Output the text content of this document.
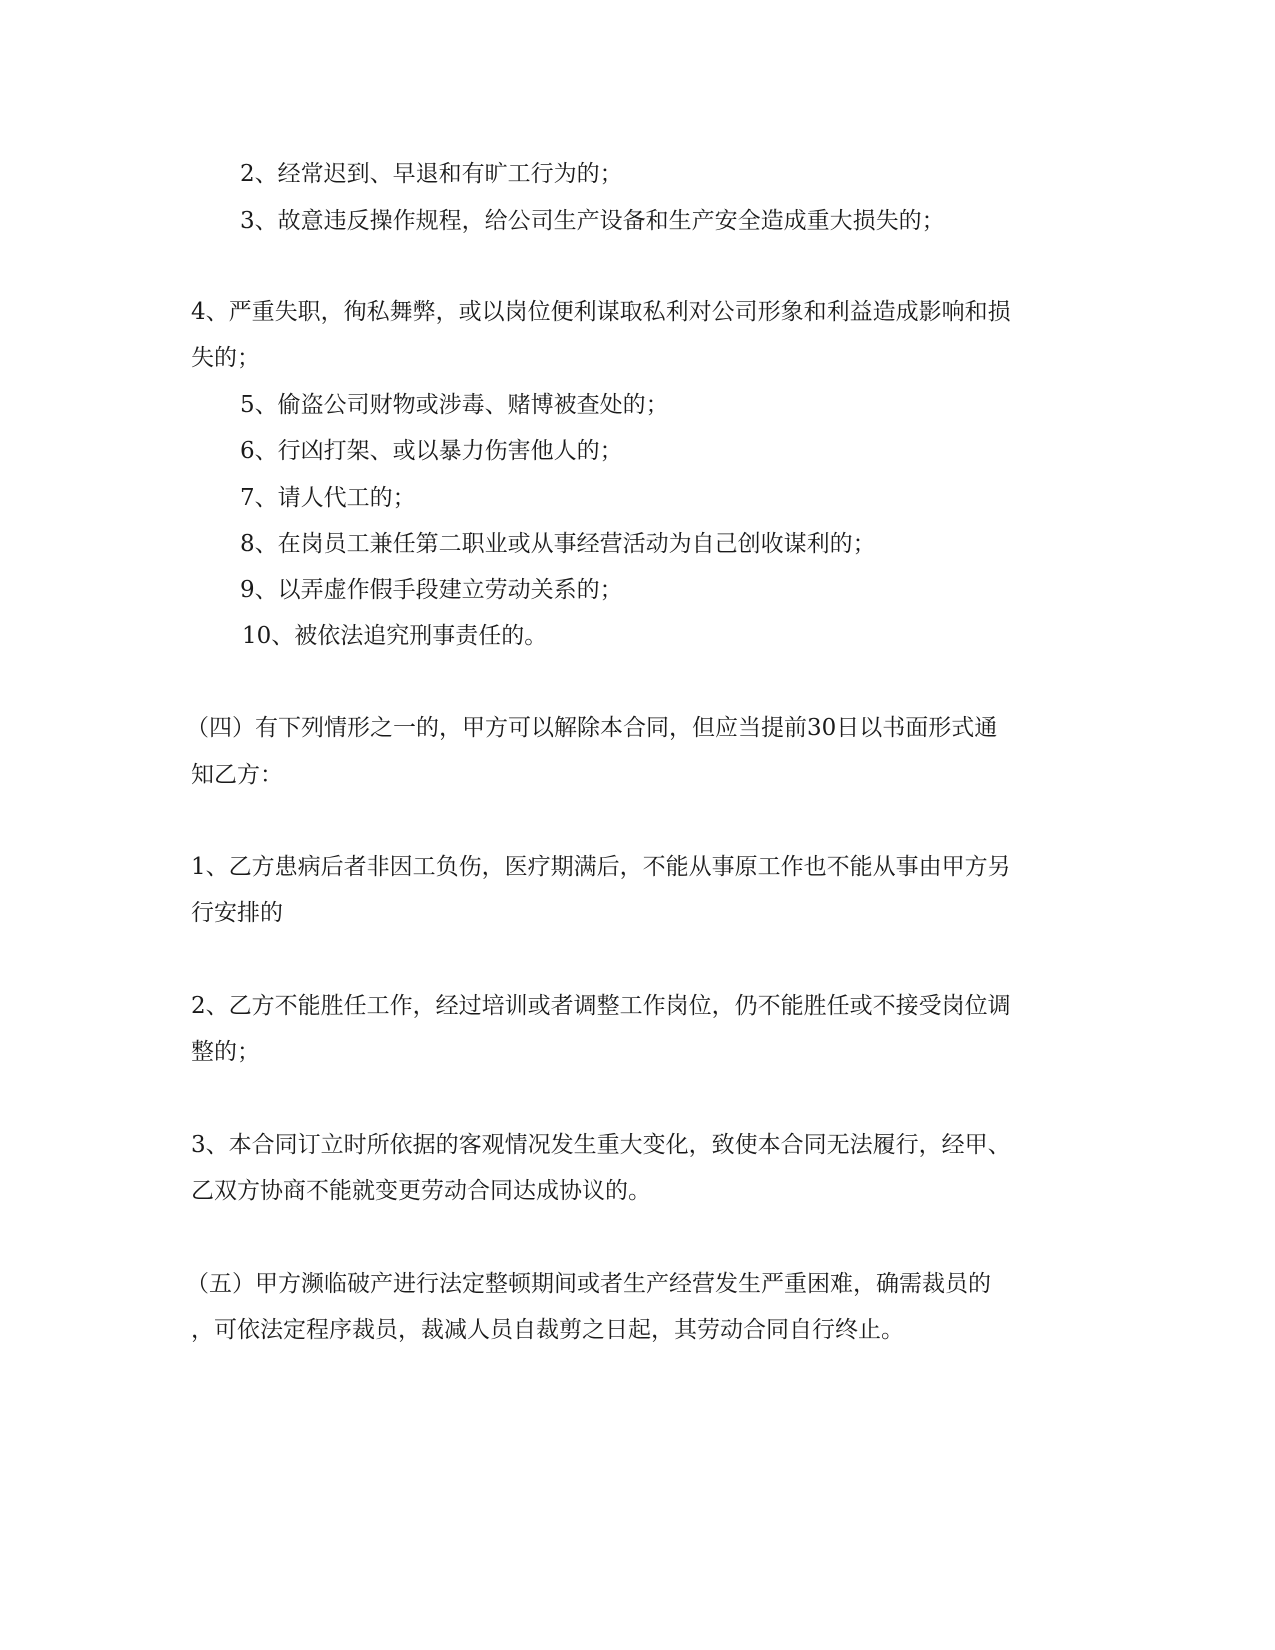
2、经常迟到、早退和有旷工行为的；
3、故意违反操作规程，给公司生产设备和生产安全造成重大损失的；
4、严重失职，徇私舞弊，或以岗位便利谋取私利对公司形象和利益造成影响和损
失的；
5、偷盗公司财物或涉毒、赌博被查处的；
6、行凶打架、或以暴力伤害他人的；
7、请人代工的；
8、在岗员工兼任第二职业或从事经营活动为自己创收谋利的；
9、以弄虚作假手段建立劳动关系的；
10、被依法追究刑事责任的。
（四）有下列情形之一的，甲方可以解除本合同，但应当提前30日以书面形式通
知乙方：
1、乙方患病后者非因工负伤，医疗期满后，不能从事原工作也不能从事由甲方另
行安排的
2、乙方不能胜任工作，经过培训或者调整工作岗位，仍不能胜任或不接受岗位调
整的；
3、本合同订立时所依据的客观情况发生重大变化，致使本合同无法履行，经甲、
乙双方协商不能就变更劳动合同达成协议的。
（五）甲方濒临破产进行法定整顿期间或者生产经营发生严重困难，确需裁员的
，可依法定程序裁员，裁减人员自裁剪之日起，其劳动合同自行终止。
